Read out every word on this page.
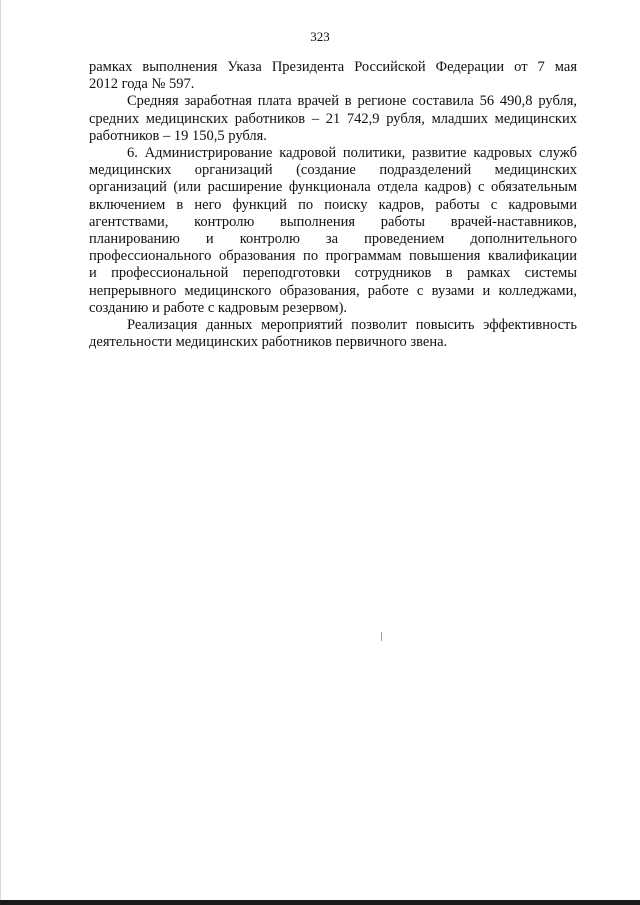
323
рамках выполнения Указа Президента Российской Федерации от 7 мая
2012 года № 597.
Средняя заработная плата врачей в регионе составила 56 490,8 рубля,
средних медицинских работников – 21 742,9 рубля, младших медицинских
работников – 19 150,5 рубля.
6. Администрирование кадровой политики, развитие кадровых служб
медицинских организаций (создание подразделений медицинских
организаций (или расширение функционала отдела кадров) с обязательным
включением в него функций по поиску кадров, работы с кадровыми
агентствами, контролю выполнения работы врачей-наставников,
планированию и контролю за проведением дополнительного
профессионального образования по программам повышения квалификации
и профессиональной переподготовки сотрудников в рамках системы
непрерывного медицинского образования, работе с вузами и колледжами,
созданию и работе с кадровым резервом).
Реализация данных мероприятий позволит повысить эффективность
деятельности медицинских работников первичного звена.
